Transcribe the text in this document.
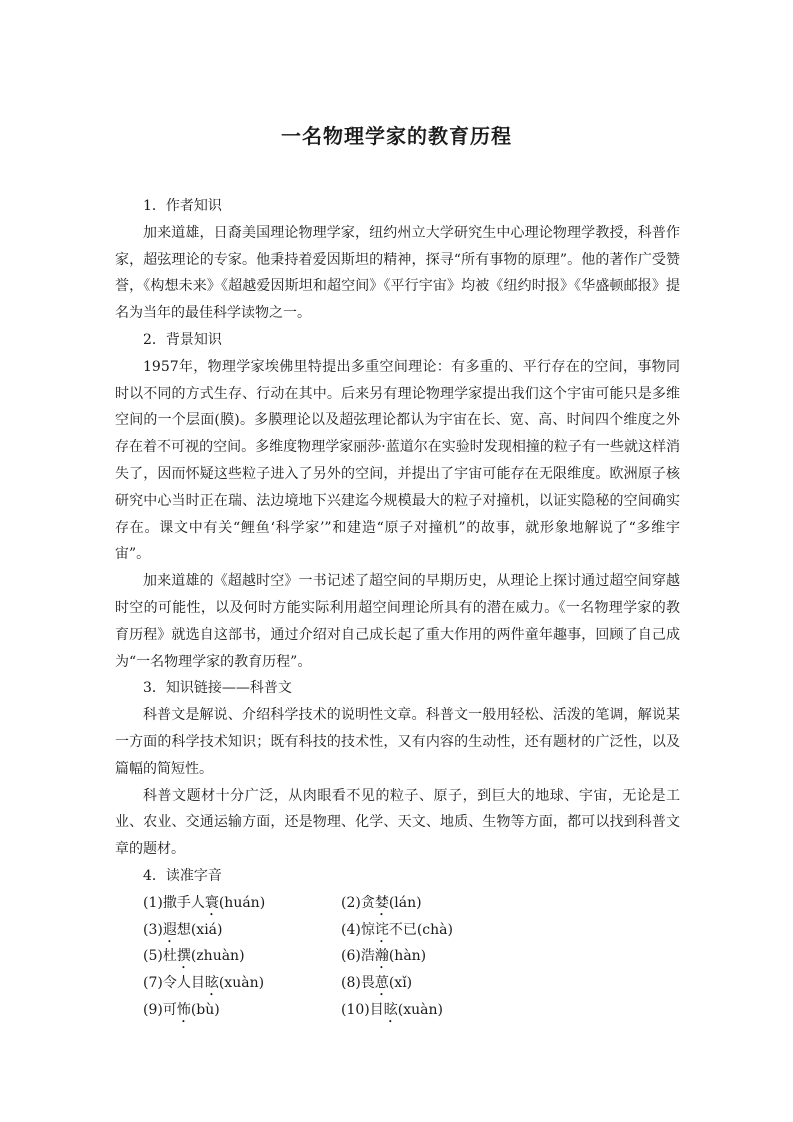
一名物理学家的教育历程

1．作者知识

加来道雄，日裔美国理论物理学家，纽约州立大学研究生中心理论物理学教授，科普作家，超弦理论的专家。他秉持着爱因斯坦的精神，探寻“所有事物的原理”。他的著作广受赞誉，《构想未来》《超越爱因斯坦和超空间》《平行宇宙》均被《纽约时报》《华盛顿邮报》提名为当年的最佳科学读物之一。

2．背景知识

1957年，物理学家埃佛里特提出多重空间理论：有多重的、平行存在的空间，事物同时以不同的方式生存、行动在其中。后来另有理论物理学家提出我们这个宇宙可能只是多维空间的一个层面(膜)。多膜理论以及超弦理论都认为宇宙在长、宽、高、时间四个维度之外存在着不可视的空间。多维度物理学家丽莎·蓝道尔在实验时发现相撞的粒子有一些就这样消失了，因而怀疑这些粒子进入了另外的空间，并提出了宇宙可能存在无限维度。欧洲原子核研究中心当时正在瑞、法边境地下兴建迄今规模最大的粒子对撞机，以证实隐秘的空间确实存在。课文中有关“鲤鱼‘科学家’”和建造“原子对撞机”的故事，就形象地解说了“多维宇宙”。

加来道雄的《超越时空》一书记述了超空间的早期历史，从理论上探讨通过超空间穿越时空的可能性，以及何时方能实际利用超空间理论所具有的潜在威力。《一名物理学家的教育历程》就选自这部书，通过介绍对自己成长起了重大作用的两件童年趣事，回顾了自己成为“一名物理学家的教育历程”。

3．知识链接——科普文

科普文是解说、介绍科学技术的说明性文章。科普文一般用轻松、活泼的笔调，解说某一方面的科学技术知识；既有科技的技术性，又有内容的生动性，还有题材的广泛性，以及篇幅的简短性。

科普文题材十分广泛，从肉眼看不见的粒子、原子，到巨大的地球、宇宙，无论是工业、农业、交通运输方面，还是物理、化学、天文、地质、生物等方面，都可以找到科普文章的题材。

4．读准字音

(1)撒手人寰(huán)	(2)贪婪(lán)
(3)遐想(xiá)	(4)惊诧不已(chà)
(5)杜撰(zhuàn)	(6)浩瀚(hàn)
(7)令人目眩(xuàn)	(8)畏葸(xǐ)
(9)可怖(bù)	(10)目眩(xuàn)
